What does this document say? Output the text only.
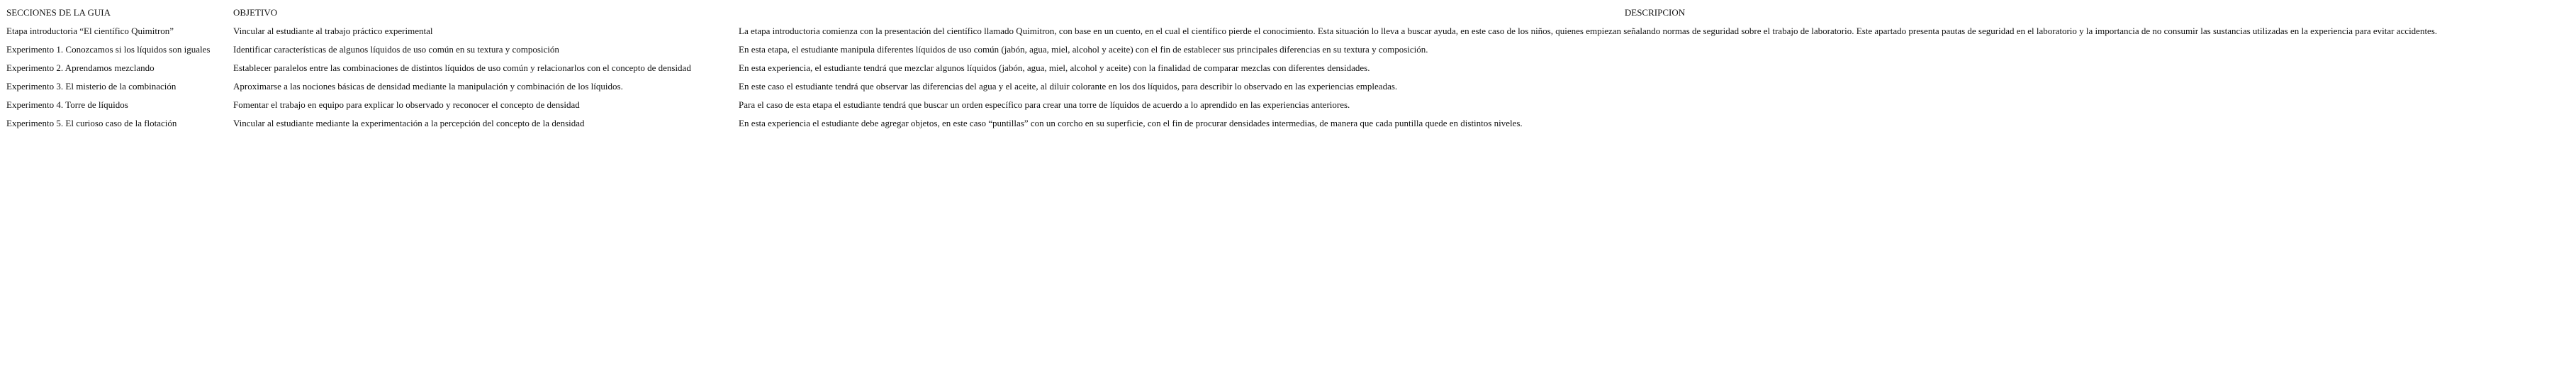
SECCIONES DE LA GUIA	OBJETIVO	DESCRIPCION
Etapa introductoria “El científico Quimitron”	Vincular al estudiante al trabajo práctico experimental	La etapa introductoria comienza con la presentación del científico llamado Quimitron, con base en un cuento, en el cual el científico pierde el conocimiento. Esta situación lo lleva a buscar ayuda, en este caso de los niños, quienes empiezan señalando normas de seguridad sobre el trabajo de laboratorio. Este apartado presenta pautas de seguridad en el laboratorio y la importancia de no consumir las sustancias utilizadas en la experiencia para evitar accidentes.
Experimento 1. Conozcamos si los líquidos son iguales	Identificar características de algunos líquidos de uso común en su textura y composición	En esta etapa, el estudiante manipula diferentes líquidos de uso común (jabón, agua, miel, alcohol y aceite) con el fin de establecer sus principales diferencias en su textura y composición.
Experimento 2. Aprendamos mezclando	Establecer paralelos entre las combinaciones de distintos líquidos de uso común y relacionarlos con el concepto de densidad	En esta experiencia, el estudiante tendrá que mezclar algunos líquidos (jabón, agua, miel, alcohol y aceite) con la finalidad de comparar mezclas con diferentes densidades.
Experimento 3. El misterio de la combinación	Aproximarse a las nociones básicas de densidad mediante la manipulación y combinación de los líquidos.	En este caso el estudiante tendrá que observar las diferencias del agua y el aceite, al diluir colorante en los dos líquidos, para describir lo observado en las experiencias empleadas.
Experimento 4. Torre de líquidos	Fomentar el trabajo en equipo para explicar lo observado y reconocer el concepto de densidad	Para el caso de esta etapa el estudiante tendrá que buscar un orden específico para crear una torre de líquidos de acuerdo a lo aprendido en las experiencias anteriores.
Experimento 5. El curioso caso de la flotación	Vincular al estudiante mediante la experimentación a la percepción del concepto de la densidad	En esta experiencia el estudiante debe agregar objetos, en este caso “puntillas” con un corcho en su superficie, con el fin de procurar densidades intermedias, de manera que cada puntilla quede en distintos niveles.
